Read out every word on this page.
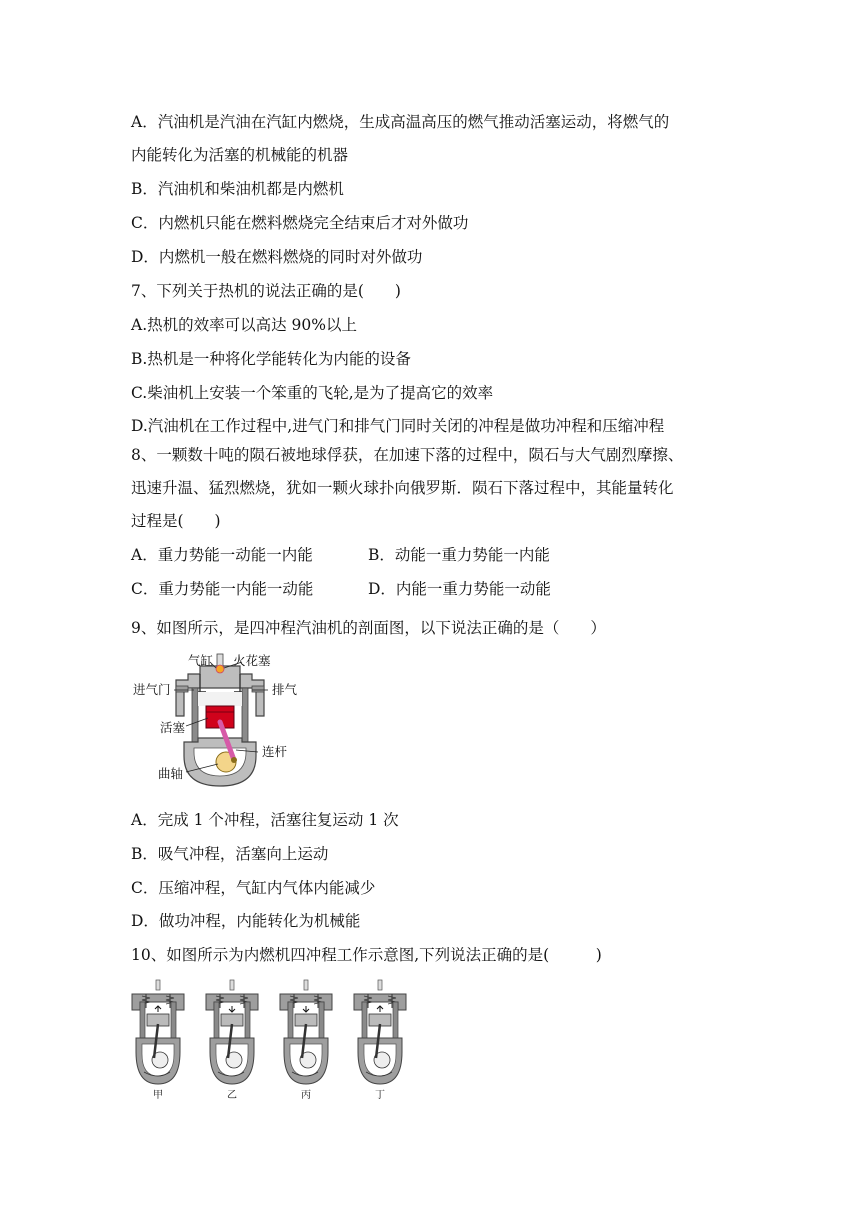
A．汽油机是汽油在汽缸内燃烧，生成高温高压的燃气推动活塞运动，将燃气的
内能转化为活塞的机械能的机器
B．汽油机和柴油机都是内燃机
C．内燃机只能在燃料燃烧完全结束后才对外做功
D．内燃机一般在燃料燃烧的同时对外做功
7、下列关于热机的说法正确的是(　　)
A.热机的效率可以高达 90%以上
B.热机是一种将化学能转化为内能的设备
C.柴油机上安装一个笨重的飞轮,是为了提高它的效率
D.汽油机在工作过程中,进气门和排气门同时关闭的冲程是做功冲程和压缩冲程
8、一颗数十吨的陨石被地球俘获，在加速下落的过程中，陨石与大气剧烈摩擦、
迅速升温、猛烈燃烧，犹如一颗火球扑向俄罗斯．陨石下落过程中，其能量转化
过程是(　　)
A．重力势能一动能一内能	B．动能一重力势能一内能
C．重力势能一内能一动能	D．内能一重力势能一动能
9、如图所示，是四冲程汽油机的剖面图，以下说法正确的是（　　）
气缸 火花塞
进气门	排气
活塞
连杆
曲轴
A．完成 1 个冲程，活塞往复运动 1 次
B．吸气冲程，活塞向上运动
C．压缩冲程，气缸内气体内能减少
D．做功冲程，内能转化为机械能
10、如图所示为内燃机四冲程工作示意图,下列说法正确的是(　　　)
甲	乙	丙	丁
